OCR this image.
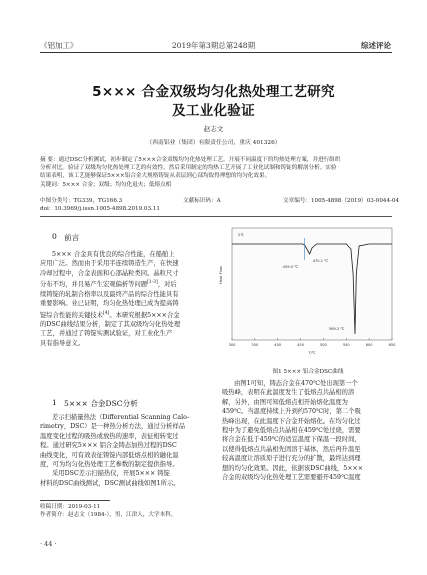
《铝加工》	2019年第3期总第248期	综述评论
5××× 合金双级均匀化热处理工艺研究
及工业化验证
赵志文
（西南铝业（集团）有限责任公司，重庆 401326）
摘 要：通过DSC分析测试，初步制定了5×××合金双级均匀化热处理工艺。开展不同温度下的均热处理方案，并进行组织
分析对比。验证了双级均匀化热处理工艺的有效性，然后采用制定的均热工艺开展了工业化试制和铸锭的解剖分析。实验
结果表明，该工艺能够保证5×××铝合金大规格铸锭从表层到心部均取得理想的均匀化效果。
关键词：5××× 合金；双级；均匀化退火；低熔点相
中图分类号：TG339，TG166.3	文献标识码：A	文章编号：1005-4898（2019）03-0044-04
doi：10.3969/j.issn.1005-4898.2019.03.11
0 前言
5××× 合金具有优良的综合性能，在船舶上
应用广泛。然而由于采用半连续铸造生产，在快速
冷却过程中，合金表面和心部晶粒类同。晶粒尺寸
分布不均，并且易产生宏观偏析等问题[1-3]，对后
续铸锭的轧制合格率以及最终产品的综合性能具有
重要影响。业已证明，均匀化热处理已成为提高铸
锭综合性能的关键技术[4]。本研究根据5×××合金
的DSC曲线结果分析，制定了其双级均匀化热处理
工艺，并通过了铸锭实测试验证，对工业化生产
具有指导意义。
1 5××× 合金DSC分析
差示扫描量热法（Differential Scanning Calo-
rimetry，DSC）是一种热分析方法，通过分析样品
温度变化过程的吸热或放热的速率，表征相转变过
程。通过研究5××× 铝合金铸态加热过程的DSC
曲线变化，可有效表征铸锭内部低熔点相的融化温
度，可为均匀化热处理工艺参数的制定提供指导。
采用DSC差示扫描热仪，开展5××× 铸锭
材料的DSC曲线测试，DSC测试曲线如图1所示。
收稿日期：2019-03-11
作者简介：赵志文（1984-），男，江津人，大学本科。
Heat Flow
T/℃
2号
300	350	400	450	500	550	600	650
470.1 ℃
569.2 ℃
459.0 ℃
图1 5××× 铝合金DSC曲线
由图1可知，铸态合金在470℃处出现第一个
吸热峰，表明在此温度发生了低熔点共晶相的溶
解，另外，由图可知低熔点相开始熔化温度为
459℃。当温度持续上升到约570℃时，第二个吸
热峰出现，在此温度下合金开始熔化。在均匀化过
程中为了避免低熔点共晶相在459℃处过烧，需要
将合金在低于459℃的适宜温度下保温一段时间，
以使得低熔点共晶相先固溶于基体，然后再升温至
较高温度让溶质原子进行充分的扩散，最终达到理
想的均匀化效果。因此，依据该DSC曲线，5×××
合金的双级均匀化热处理工艺需要避开459℃温度
· 44 ·
